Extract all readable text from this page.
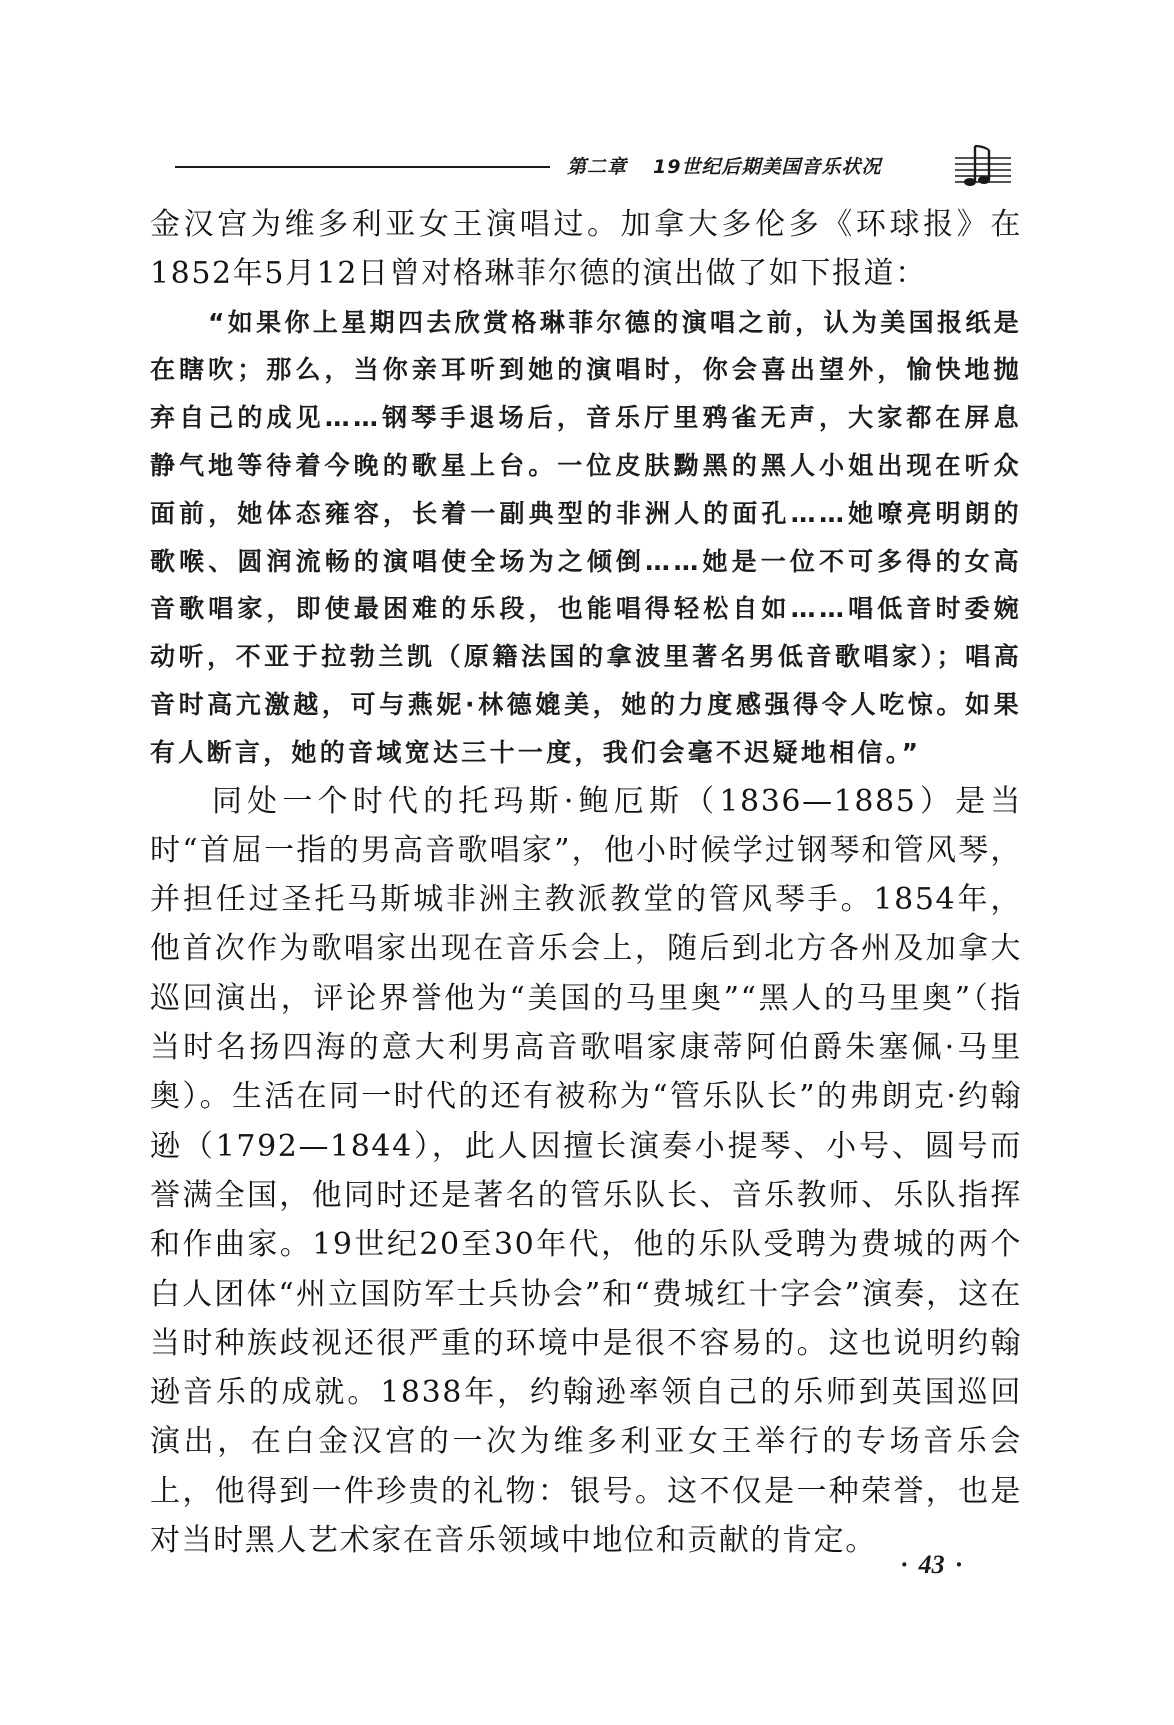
第二章 19世纪后期美国音乐状况

金汉宫为维多利亚女王演唱过。加拿大多伦多《环球报》在1852年5月12日曾对格琳菲尔德的演出做了如下报道：

“如果你上星期四去欣赏格琳菲尔德的演唱之前，认为美国报纸是在瞎吹；那么，当你亲耳听到她的演唱时，你会喜出望外，愉快地抛弃自己的成见……钢琴手退场后，音乐厅里鸦雀无声，大家都在屏息静气地等待着今晚的歌星上台。一位皮肤黝黑的黑人小姐出现在听众面前，她体态雍容，长着一副典型的非洲人的面孔……她嘹亮明朗的歌喉、圆润流畅的演唱使全场为之倾倒……她是一位不可多得的女高音歌唱家，即使最困难的乐段，也能唱得轻松自如……唱低音时委婉动听，不亚于拉勃兰凯（原籍法国的拿波里著名男低音歌唱家）；唱高音时高亢激越，可与燕妮·林德媲美，她的力度感强得令人吃惊。如果有人断言，她的音域宽达三十一度，我们会毫不迟疑地相信。”

同处一个时代的托玛斯·鲍厄斯（1836—1885）是当时“首屈一指的男高音歌唱家”，他小时候学过钢琴和管风琴，并担任过圣托马斯城非洲主教派教堂的管风琴手。1854年，他首次作为歌唱家出现在音乐会上，随后到北方各州及加拿大巡回演出，评论界誉他为“美国的马里奥”“黑人的马里奥”（指当时名扬四海的意大利男高音歌唱家康蒂阿伯爵朱塞佩·马里奥）。生活在同一时代的还有被称为“管乐队长”的弗朗克·约翰逊（1792—1844），此人因擅长演奏小提琴、小号、圆号而誉满全国，他同时还是著名的管乐队长、音乐教师、乐队指挥和作曲家。19世纪20至30年代，他的乐队受聘为费城的两个白人团体“州立国防军士兵协会”和“费城红十字会”演奏，这在当时种族歧视还很严重的环境中是很不容易的。这也说明约翰逊音乐的成就。1838年，约翰逊率领自己的乐师到英国巡回演出，在白金汉宫的一次为维多利亚女王举行的专场音乐会上，他得到一件珍贵的礼物：银号。这不仅是一种荣誉，也是对当时黑人艺术家在音乐领域中地位和贡献的肯定。

· 43 ·
